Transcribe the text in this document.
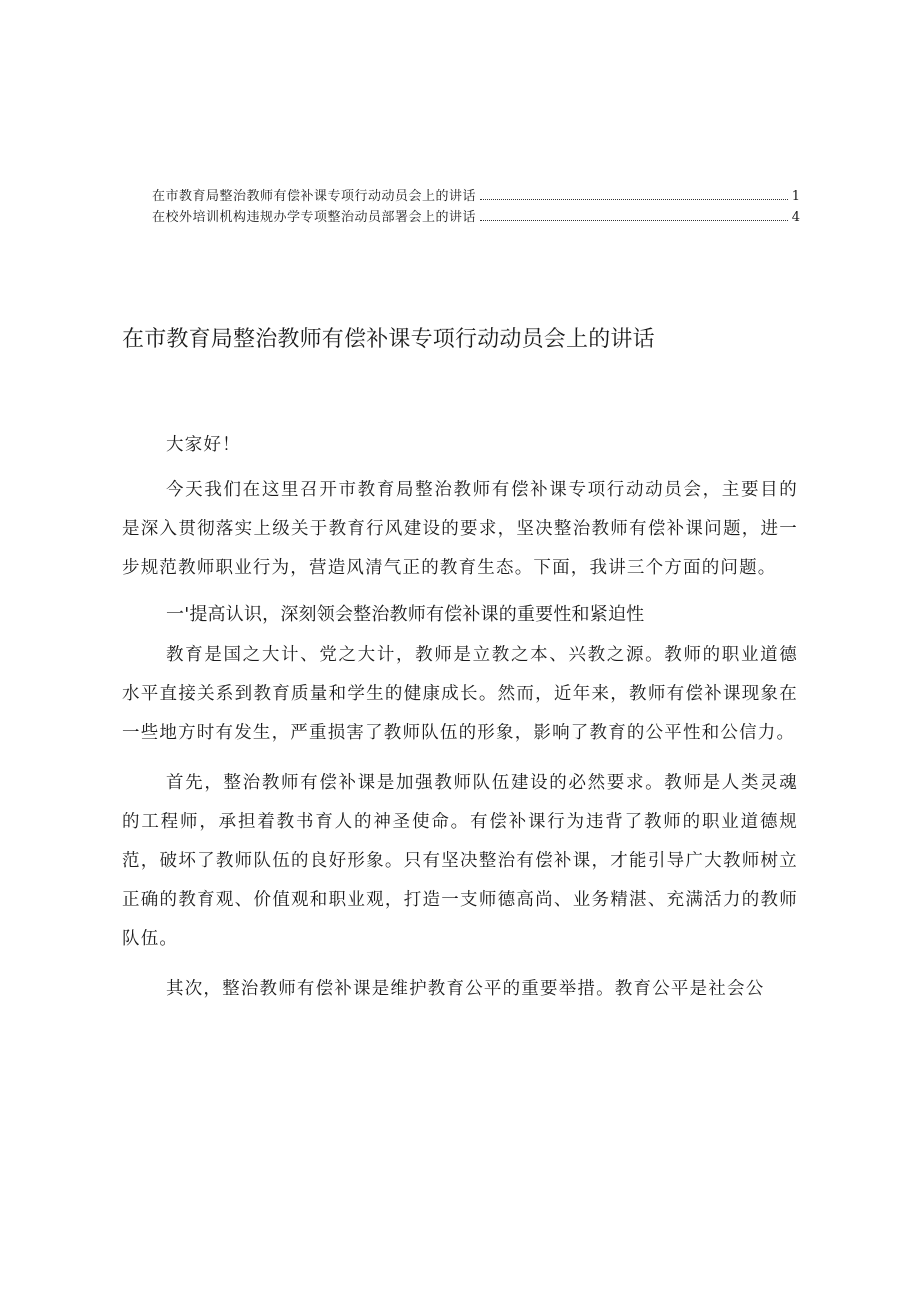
在市教育局整治教师有偿补课专项行动动员会上的讲话	1
在校外培训机构违规办学专项整治动员部署会上的讲话	4
在市教育局整治教师有偿补课专项行动动员会上的讲话

大家好！

今天我们在这里召开市教育局整治教师有偿补课专项行动动员会，主要目的是深入贯彻落实上级关于教育行风建设的要求，坚决整治教师有偿补课问题，进一步规范教师职业行为，营造风清气正的教育生态。下面，我讲三个方面的问题。

一'提高认识，深刻领会整治教师有偿补课的重要性和紧迫性

教育是国之大计、党之大计，教师是立教之本、兴教之源。教师的职业道德水平直接关系到教育质量和学生的健康成长。然而，近年来，教师有偿补课现象在一些地方时有发生，严重损害了教师队伍的形象，影响了教育的公平性和公信力。

首先，整治教师有偿补课是加强教师队伍建设的必然要求。教师是人类灵魂的工程师，承担着教书育人的神圣使命。有偿补课行为违背了教师的职业道德规范，破坏了教师队伍的良好形象。只有坚决整治有偿补课，才能引导广大教师树立正确的教育观、价值观和职业观，打造一支师德高尚、业务精湛、充满活力的教师队伍。

其次，整治教师有偿补课是维护教育公平的重要举措。教育公平是社会公
